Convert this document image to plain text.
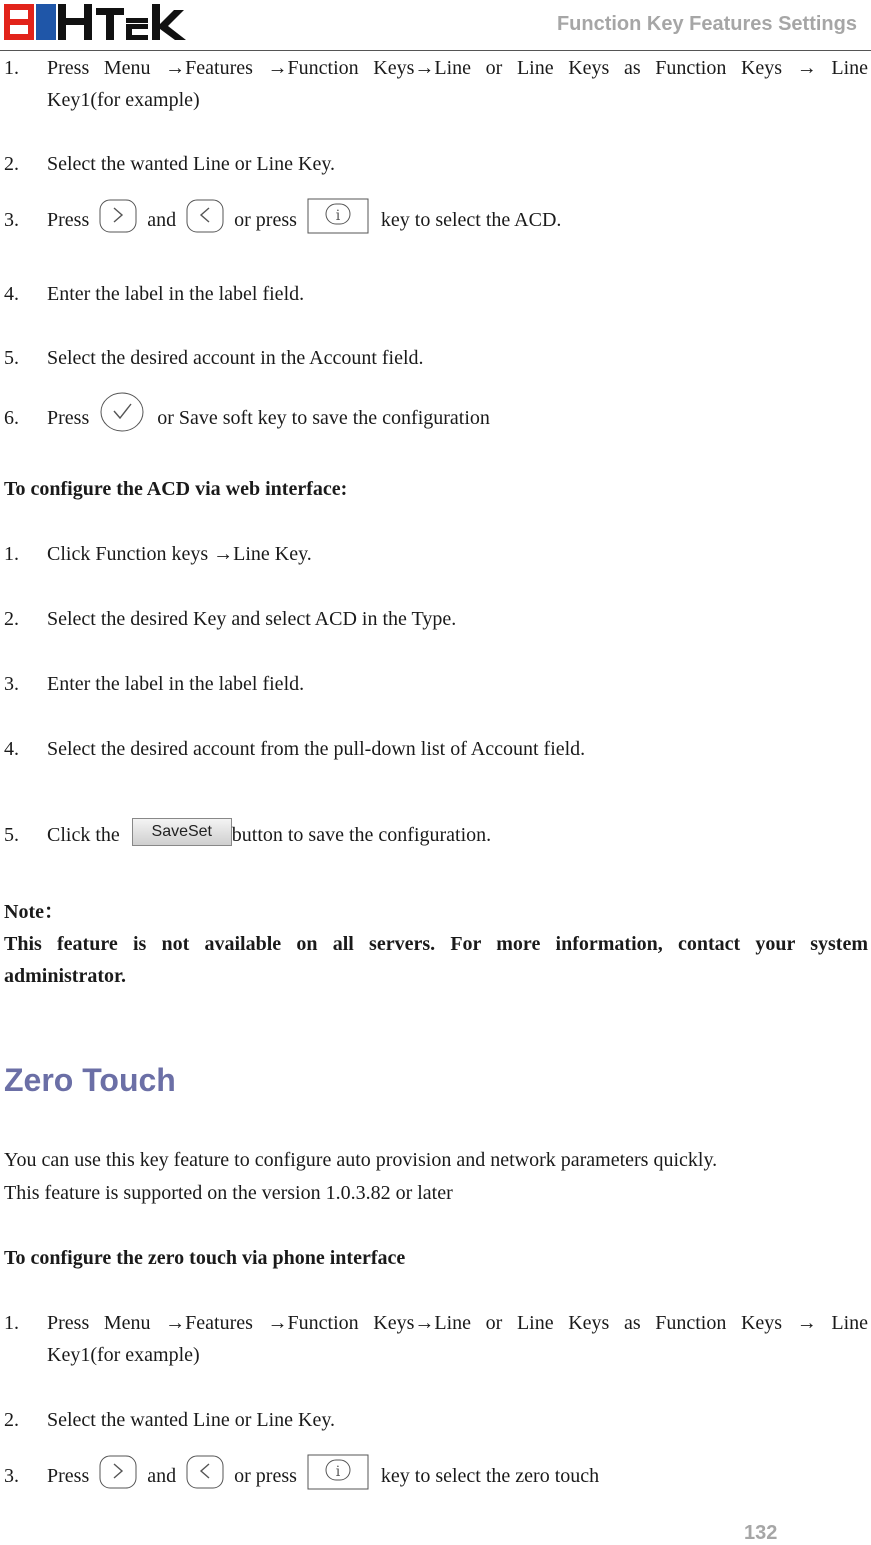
Function Key Features Settings
1. Press Menu →Features →Function Keys→Line or Line Keys as Function Keys → Line
Key1(for example)
2. Select the wanted Line or Line Key.
3. Press	and	or press	i key to select the ACD.
4. Enter the label in the label field.
5. Select the desired account in the Account field.
6. Press	or Save soft key to save the configuration
To configure the ACD via web interface:
1. Click Function keys →Line Key.
2. Select the desired Key and select ACD in the Type.
3. Enter the label in the label field.
4. Select the desired account from the pull-down list of Account field.
5. Click the SaveSet button to save the configuration.
Note：
This feature is not available on all servers. For more information, contact your system
administrator.
Zero Touch
You can use this key feature to configure auto provision and network parameters quickly.
This feature is supported on the version 1.0.3.82 or later
To configure the zero touch via phone interface
1. Press Menu →Features →Function Keys→Line or Line Keys as Function Keys → Line
Key1(for example)
2. Select the wanted Line or Line Key.
3. Press	and	or press	i key to select the zero touch
132
